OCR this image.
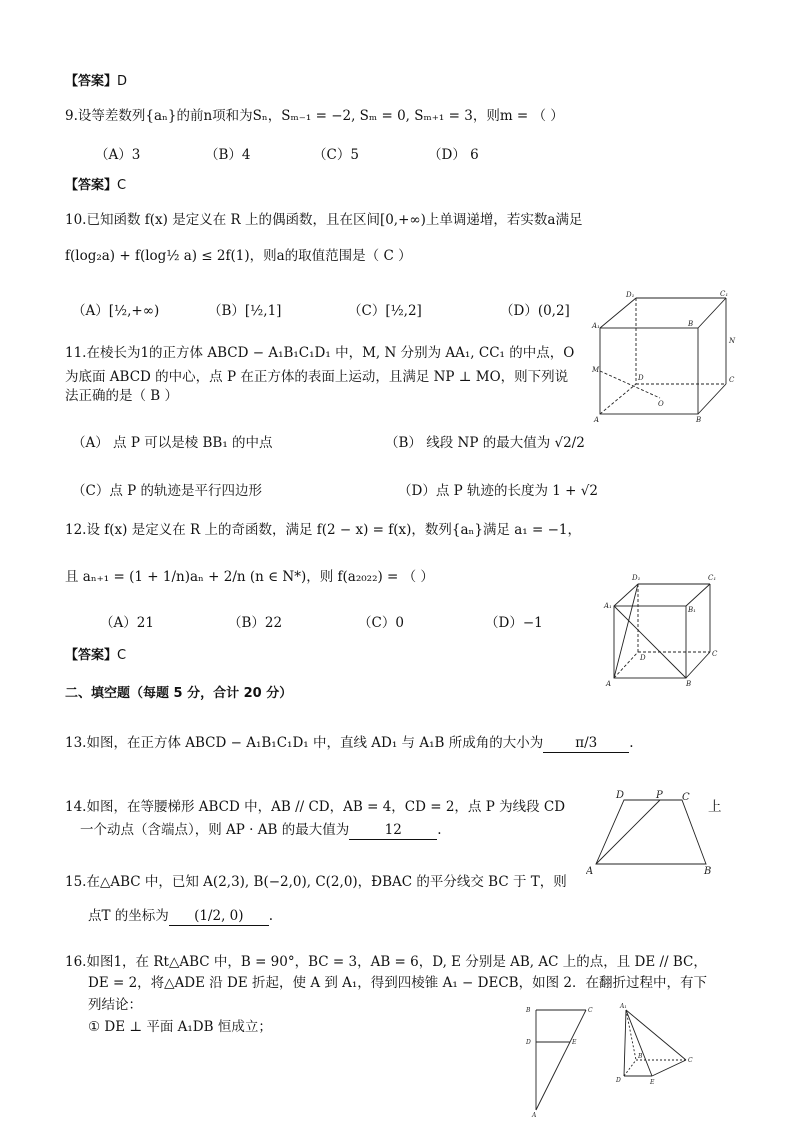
【答案】D
9.设等差数列{aₙ}的前n项和为Sₙ，Sₘ₋₁ = −2, Sₘ = 0, Sₘ₊₁ = 3，则m = （ ）
（A）3	（B）4	（C）5	（D） 6
【答案】C
10.已知函数 f(x) 是定义在 R 上的偶函数，且在区间[0,+∞)上单调递增，若实数a满足
f(log₂a) + f(log½ a) ≤ 2f(1)，则a的取值范围是（ C ）
（A）[½,+∞)	（B）[½,1]	（C）[½,2]	（D）(0,2]
11.在棱长为1的正方体 ABCD − A₁B₁C₁D₁ 中，M, N 分别为 AA₁, CC₁ 的中点，O
为底面 ABCD 的中心，点 P 在正方体的表面上运动，且满足 NP ⊥ MO，则下列说
法正确的是（ B ）
（A） 点 P 可以是棱 BB₁ 的中点	（B） 线段 NP 的最大值为 √2/2
（C）点 P 的轨迹是平行四边形	（D）点 P 轨迹的长度为 1 + √2
D₁	C₁
A₁	B
N
M
D	C
O
A	B
12.设 f(x) 是定义在 R 上的奇函数，满足 f(2 − x) = f(x)，数列{aₙ}满足 a₁ = −1，
且 aₙ₊₁ = (1 + 1/n)aₙ + 2/n (n ∈ N*)，则 f(a₂₀₂₂) = （ ）
（A）21	（B）22	（C）0	（D）−1
【答案】C
D₁	C₁
A₁	B₁
D	C
A	B
二、填空题（每题 5 分，合计 20 分）
13.如图，在正方体 ABCD − A₁B₁C₁D₁ 中，直线 AD₁ 与 A₁B 所成角的大小为 π/3 .
14.如图，在等腰梯形 ABCD 中，AB // CD，AB = 4，CD = 2，点 P 为线段 CD	上
一个动点（含端点），则 AP · AB 的最大值为	12	.
D	P C
A	B
15.在△ABC 中，已知 A(2,3), B(−2,0), C(2,0)，ÐBAC 的平分线交 BC 于 T，则
点T 的坐标为 (1/2, 0) .
16.如图1，在 Rt△ABC 中，B = 90°，BC = 3，AB = 6，D, E 分别是 AB, AC 上的点，且 DE // BC，
DE = 2，将△ADE 沿 DE 折起，使 A 到 A₁，得到四棱锥 A₁ − DECB，如图 2．在翻折过程中，有下
列结论：
① DE ⊥ 平面 A₁DB 恒成立；
B	C
D	E
A
A₁
B
C
D	E
